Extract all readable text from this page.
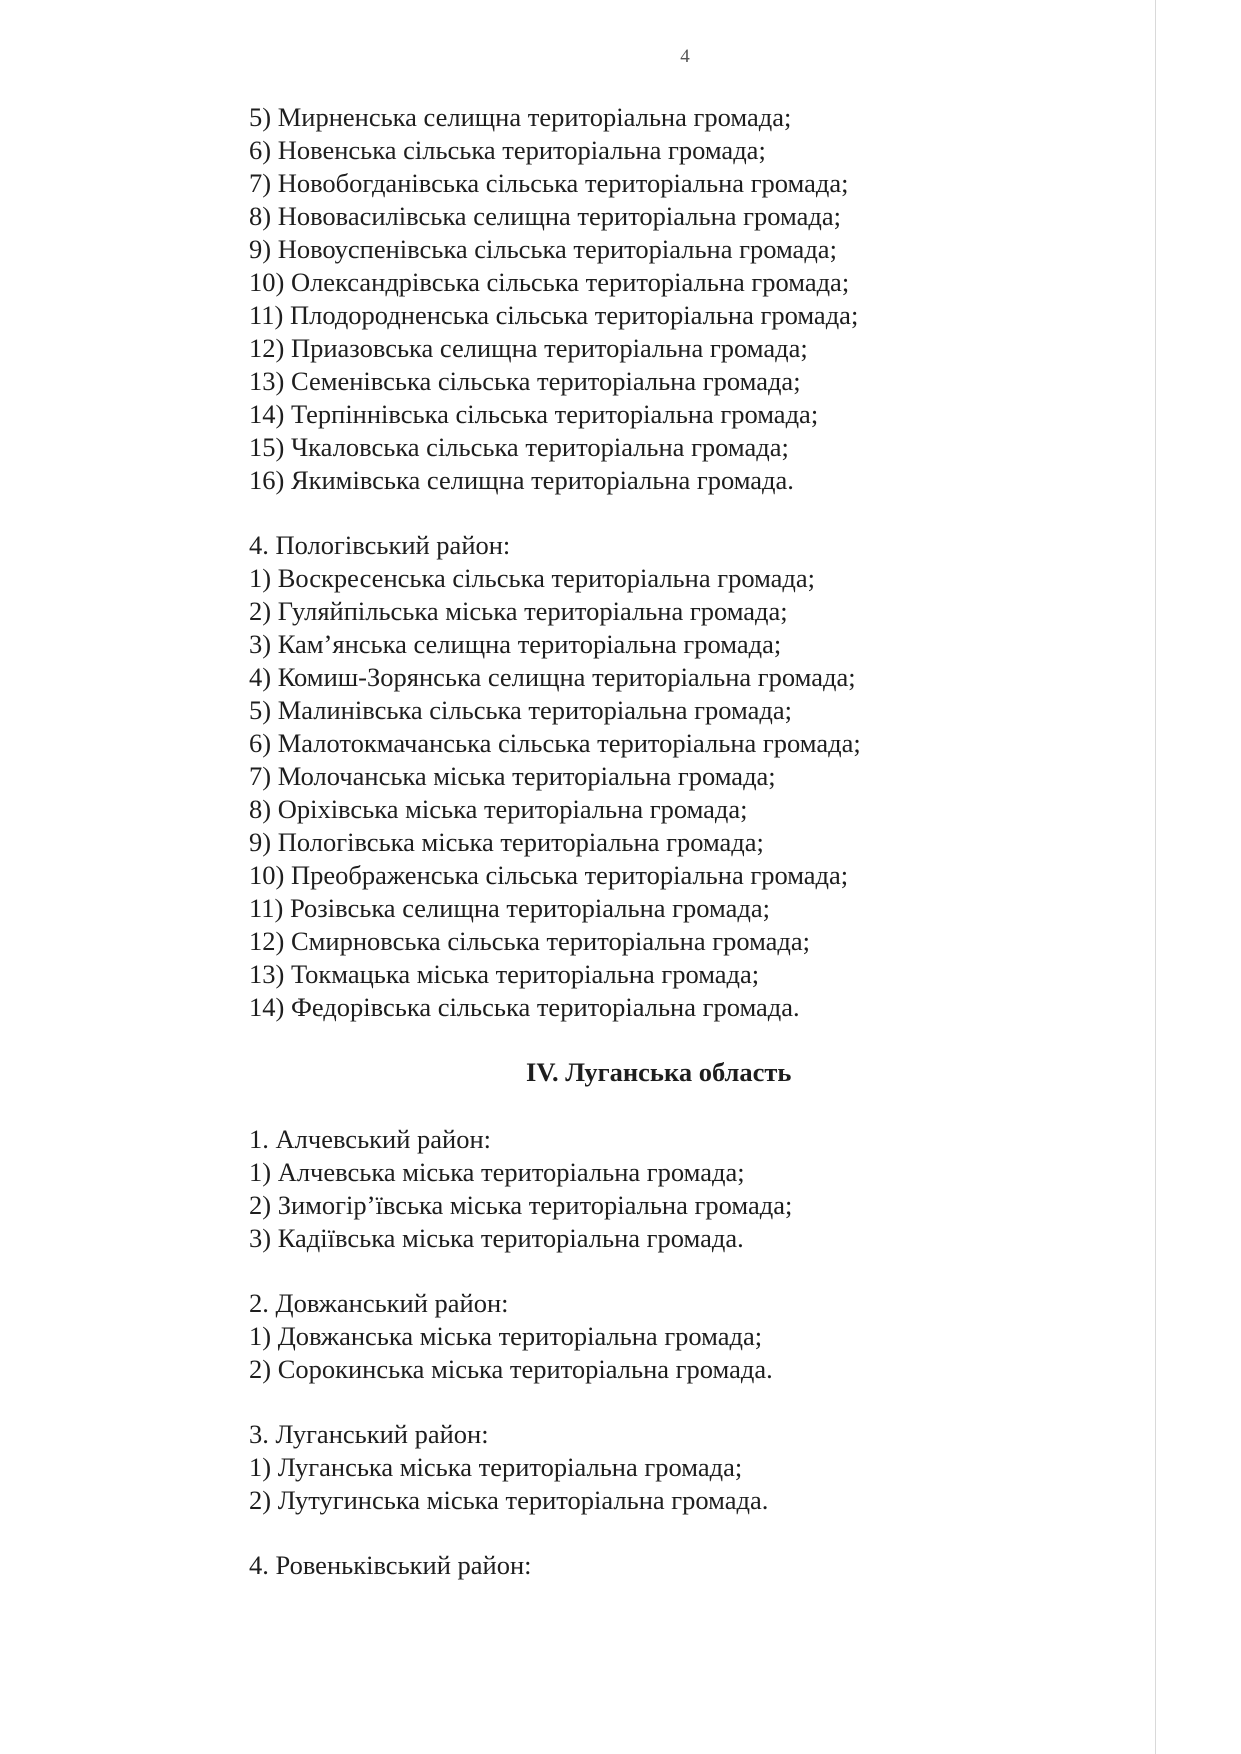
4
5) Мирненська селищна територіальна громада;
6) Новенська сільська територіальна громада;
7) Новобогданівська сільська територіальна громада;
8) Нововасилівська селищна територіальна громада;
9) Новоуспенівська сільська територіальна громада;
10) Олександрівська сільська територіальна громада;
11) Плодородненська сільська територіальна громада;
12) Приазовська селищна територіальна громада;
13) Семенівська сільська територіальна громада;
14) Терпіннівська сільська територіальна громада;
15) Чкаловська сільська територіальна громада;
16) Якимівська селищна територіальна громада.
4. Пологівський район:
1) Воскресенська сільська територіальна громада;
2) Гуляйпільська міська територіальна громада;
3) Кам’янська селищна територіальна громада;
4) Комиш-Зорянська селищна територіальна громада;
5) Малинівська сільська територіальна громада;
6) Малотокмачанська сільська територіальна громада;
7) Молочанська міська територіальна громада;
8) Оріхівська міська територіальна громада;
9) Пологівська міська територіальна громада;
10) Преображенська сільська територіальна громада;
11) Розівська селищна територіальна громада;
12) Смирновська сільська територіальна громада;
13) Токмацька міська територіальна громада;
14) Федорівська сільська територіальна громада.
IV. Луганська область
1. Алчевський район:
1) Алчевська міська територіальна громада;
2) Зимогір’ївська міська територіальна громада;
3) Кадіївська міська територіальна громада.
2. Довжанський район:
1) Довжанська міська територіальна громада;
2) Сорокинська міська територіальна громада.
3. Луганський район:
1) Луганська міська територіальна громада;
2) Лутугинська міська територіальна громада.
4. Ровеньківський район:
